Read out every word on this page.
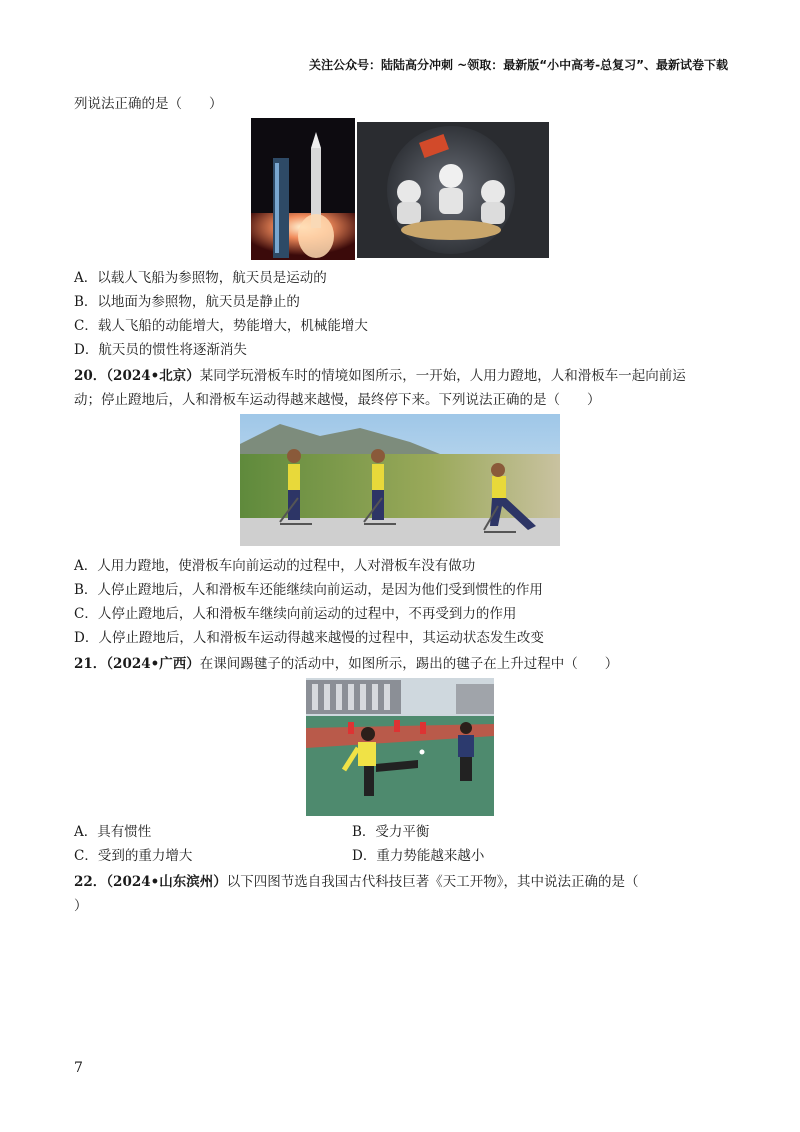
关注公众号：陆陆高分冲刺 ~领取：最新版“小中高考-总复习”、最新试卷下载
列说法正确的是（　　）
A．以载人飞船为参照物，航天员是运动的
B．以地面为参照物，航天员是静止的
C．载人飞船的动能增大，势能增大，机械能增大
D．航天员的惯性将逐渐消失
20．（2024•北京）某同学玩滑板车时的情境如图所示，一开始，人用力蹬地，人和滑板车一起向前运
动；停止蹬地后，人和滑板车运动得越来越慢，最终停下来。下列说法正确的是（　　）
A．人用力蹬地，使滑板车向前运动的过程中，人对滑板车没有做功
B．人停止蹬地后，人和滑板车还能继续向前运动，是因为他们受到惯性的作用
C．人停止蹬地后，人和滑板车继续向前运动的过程中，不再受到力的作用
D．人停止蹬地后，人和滑板车运动得越来越慢的过程中，其运动状态发生改变
21．（2024•广西）在课间踢毽子的活动中，如图所示，踢出的毽子在上升过程中（　　）
A．具有惯性	B．受力平衡
C．受到的重力增大	D．重力势能越来越小
22．（2024•山东滨州）以下四图节选自我国古代科技巨著《天工开物》，其中说法正确的是（
）
7
